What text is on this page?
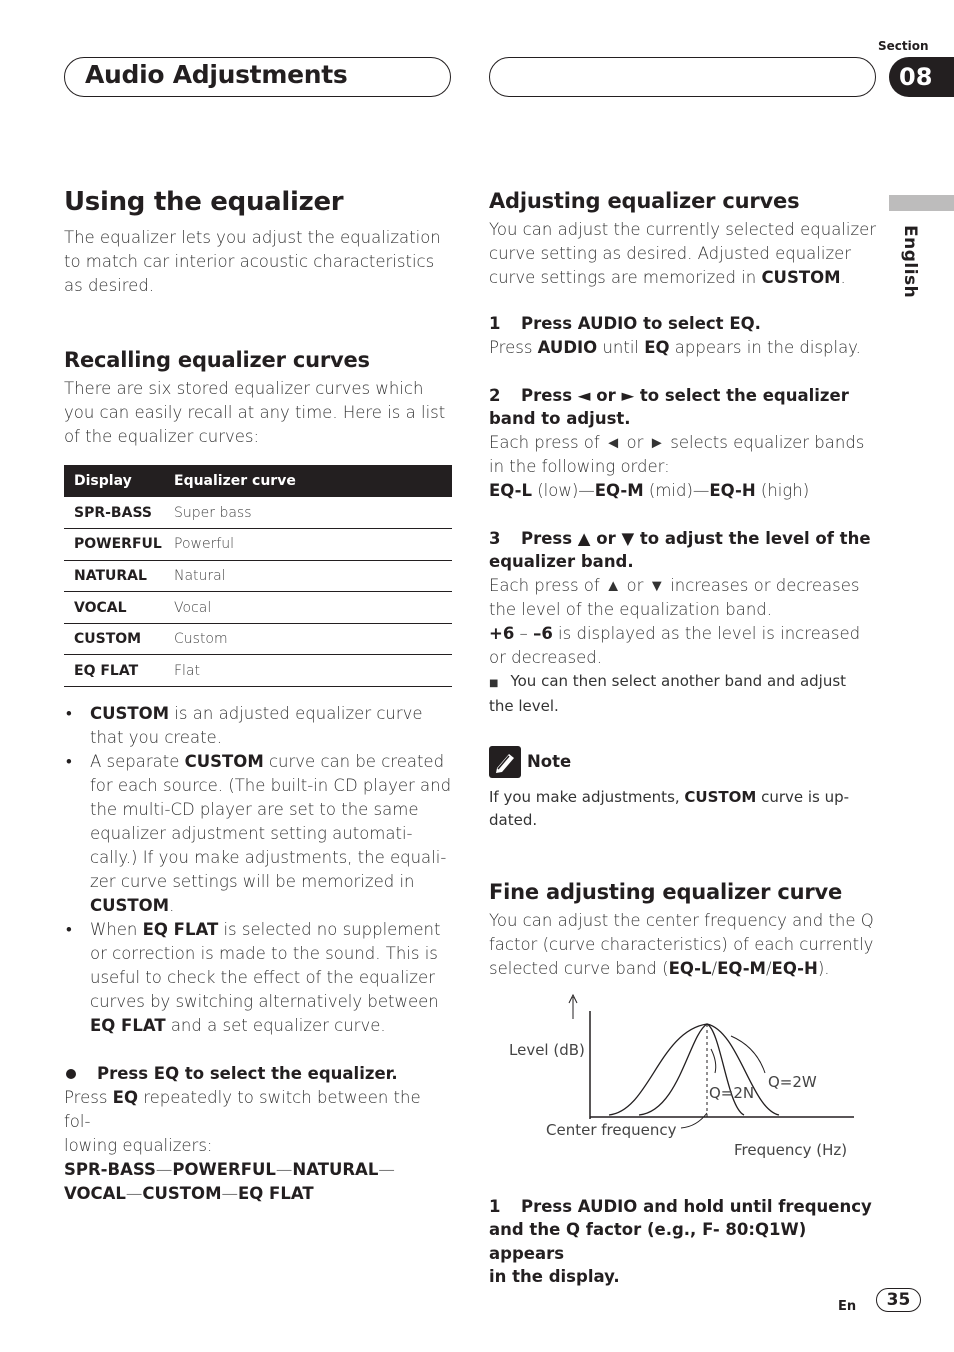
Audio Adjustments
Section
08
English
Using the equalizer
The equalizer lets you adjust the equalization
to match car interior acoustic characteristics
as desired.
Recalling equalizer curves
There are six stored equalizer curves which
you can easily recall at any time. Here is a list
of the equalizer curves:
Display	Equalizer curve
SPR-BASS	Super bass
POWERFUL	Powerful
NATURAL	Natural
VOCAL	Vocal
CUSTOM	Custom
EQ FLAT	Flat
• CUSTOM is an adjusted equalizer curve
that you create.
• A separate CUSTOM curve can be created
for each source. (The built-in CD player and
the multi-CD player are set to the same
equalizer adjustment setting automati-
cally.) If you make adjustments, the equali-
zer curve settings will be memorized in
CUSTOM.
• When EQ FLAT is selected no supplement
or correction is made to the sound. This is
useful to check the effect of the equalizer
curves by switching alternatively between
EQ FLAT and a set equalizer curve.
Press EQ to select the equalizer.
Press EQ repeatedly to switch between the fol-
lowing equalizers:
SPR-BASS—POWERFUL—NATURAL—
VOCAL—CUSTOM—EQ FLAT
Adjusting equalizer curves
You can adjust the currently selected equalizer
curve setting as desired. Adjusted equalizer
curve settings are memorized in CUSTOM.
1	Press AUDIO to select EQ.
Press AUDIO until EQ appears in the display.
2	Press ◄ or ► to select the equalizer
band to adjust.
Each press of ◄ or ► selects equalizer bands
in the following order:
EQ-L (low)—EQ-M (mid)—EQ-H (high)
3	Press ▲ or ▼ to adjust the level of the
equalizer band.
Each press of ▲ or ▼ increases or decreases
the level of the equalization band.
+6 – –6 is displayed as the level is increased
or decreased.
■ You can then select another band and adjust
the level.
Note
If you make adjustments, CUSTOM curve is up-
dated.
Fine adjusting equalizer curve
You can adjust the center frequency and the Q
factor (curve characteristics) of each currently
selected curve band (EQ-L/EQ-M/EQ-H).
Level (dB)
Q=2N
Q=2W
Center frequency
Frequency (Hz)
1	Press AUDIO and hold until frequency
and the Q factor (e.g., F- 80:Q1W) appears
in the display.
En	35
